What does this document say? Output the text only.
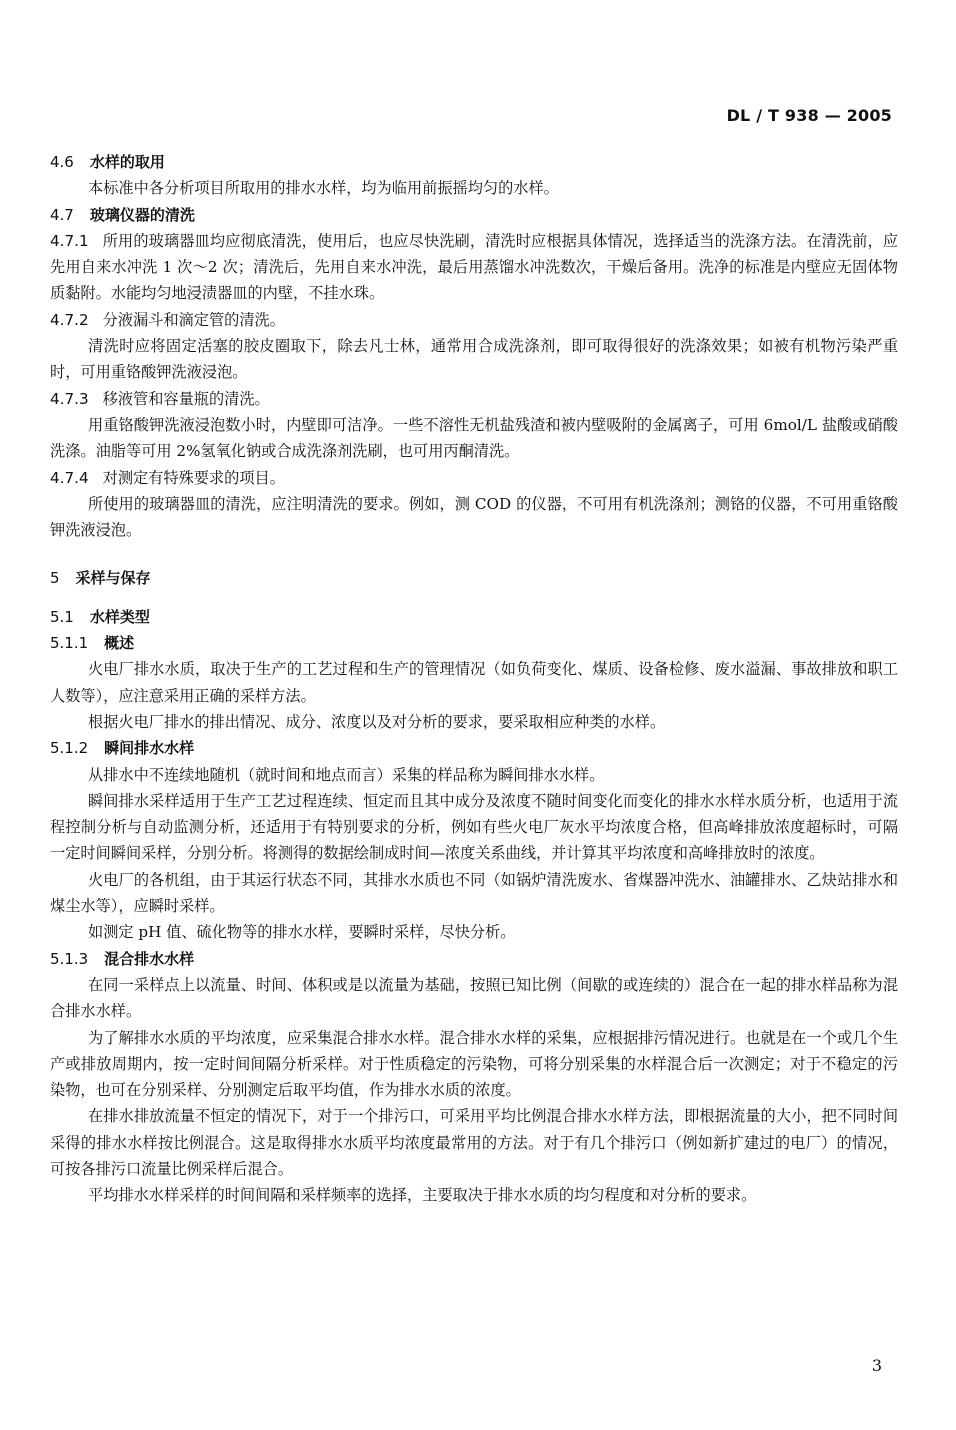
DL / T 938 — 2005

4.6 水样的取用

本标准中各分析项目所取用的排水水样，均为临用前振摇均匀的水样。

4.7 玻璃仪器的清洗

4.7.1 所用的玻璃器皿均应彻底清洗，使用后，也应尽快洗刷，清洗时应根据具体情况，选择适当的洗涤方法。在清洗前，应先用自来水冲洗 1 次～2 次；清洗后，先用自来水冲洗，最后用蒸馏水冲洗数次，干燥后备用。洗净的标准是内壁应无固体物质黏附。水能均匀地浸渍器皿的内壁，不挂水珠。

4.7.2 分液漏斗和滴定管的清洗。

清洗时应将固定活塞的胶皮圈取下，除去凡士林，通常用合成洗涤剂，即可取得很好的洗涤效果；如被有机物污染严重时，可用重铬酸钾洗液浸泡。

4.7.3 移液管和容量瓶的清洗。

用重铬酸钾洗液浸泡数小时，内壁即可洁净。一些不溶性无机盐残渣和被内壁吸附的金属离子，可用 6mol/L 盐酸或硝酸洗涤。油脂等可用 2%氢氧化钠或合成洗涤剂洗刷，也可用丙酮清洗。

4.7.4 对测定有特殊要求的项目。

所使用的玻璃器皿的清洗，应注明清洗的要求。例如，测 COD 的仪器，不可用有机洗涤剂；测铬的仪器，不可用重铬酸钾洗液浸泡。

5 采样与保存

5.1 水样类型

5.1.1 概述

火电厂排水水质，取决于生产的工艺过程和生产的管理情况（如负荷变化、煤质、设备检修、废水溢漏、事故排放和职工人数等），应注意采用正确的采样方法。

根据火电厂排水的排出情况、成分、浓度以及对分析的要求，要采取相应种类的水样。

5.1.2 瞬间排水水样

从排水中不连续地随机（就时间和地点而言）采集的样品称为瞬间排水水样。

瞬间排水采样适用于生产工艺过程连续、恒定而且其中成分及浓度不随时间变化而变化的排水水样水质分析，也适用于流程控制分析与自动监测分析，还适用于有特别要求的分析，例如有些火电厂灰水平均浓度合格，但高峰排放浓度超标时，可隔一定时间瞬间采样，分别分析。将测得的数据绘制成时间—浓度关系曲线，并计算其平均浓度和高峰排放时的浓度。

火电厂的各机组，由于其运行状态不同，其排水水质也不同（如锅炉清洗废水、省煤器冲洗水、油罐排水、乙炔站排水和煤尘水等），应瞬时采样。

如测定 pH 值、硫化物等的排水水样，要瞬时采样，尽快分析。

5.1.3 混合排水水样

在同一采样点上以流量、时间、体积或是以流量为基础，按照已知比例（间歇的或连续的）混合在一起的排水样品称为混合排水水样。

为了解排水水质的平均浓度，应采集混合排水水样。混合排水水样的采集，应根据排污情况进行。也就是在一个或几个生产或排放周期内，按一定时间间隔分析采样。对于性质稳定的污染物，可将分别采集的水样混合后一次测定；对于不稳定的污染物，也可在分别采样、分别测定后取平均值，作为排水水质的浓度。

在排水排放流量不恒定的情况下，对于一个排污口，可采用平均比例混合排水水样方法，即根据流量的大小，把不同时间采得的排水水样按比例混合。这是取得排水水质平均浓度最常用的方法。对于有几个排污口（例如新扩建过的电厂）的情况，可按各排污口流量比例采样后混合。

平均排水水样采样的时间间隔和采样频率的选择，主要取决于排水水质的均匀程度和对分析的要求。

3
